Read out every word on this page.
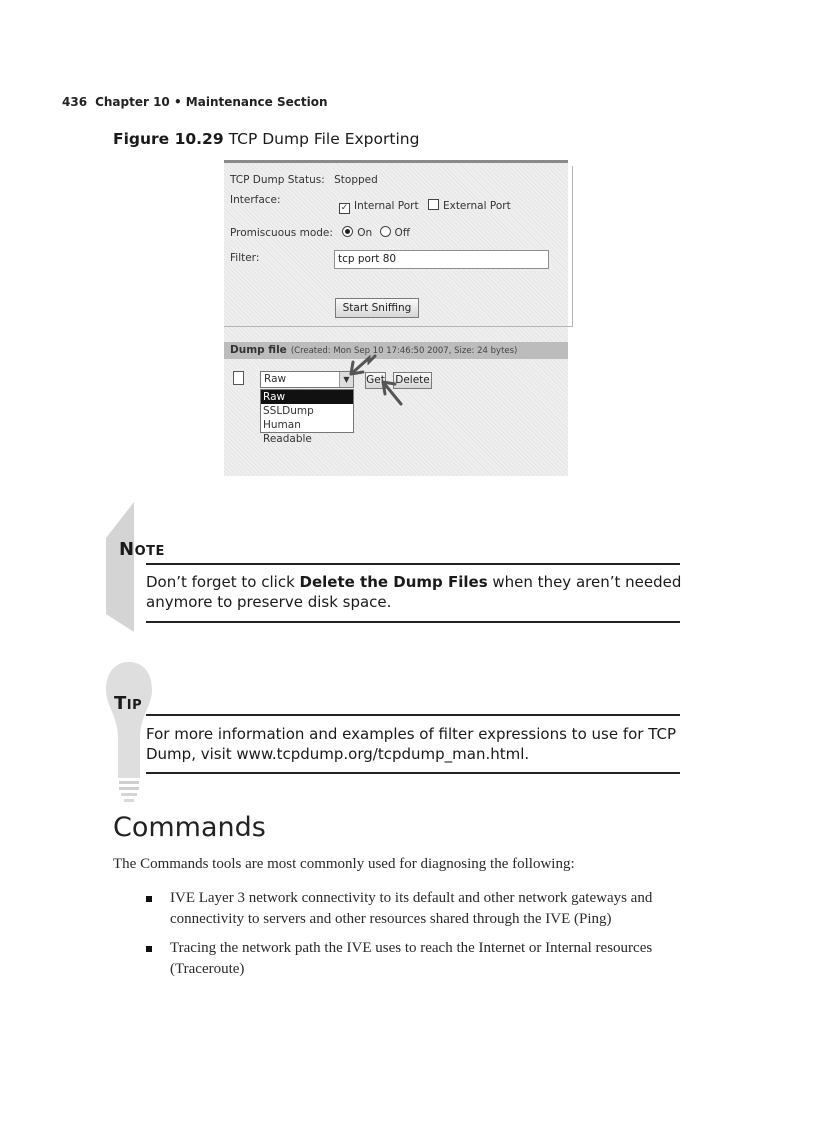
436 Chapter 10 • Maintenance Section
Figure 10.29 TCP Dump File Exporting
TCP Dump Status: Stopped
Interface:
✓ Internal Port External Port
Promiscuous mode: On Off
Filter:	tcp port 80
Start Sniffing
Dump file (Created: Mon Sep 10 17:46:50 2007, Size: 24 bytes)
Raw	▼
Raw
SSLDump
Human Readable
Get Delete
NOTE
Don’t forget to click Delete the Dump Files when they aren’t needed anymore to preserve disk space.
TIP
For more information and examples of filter expressions to use for TCP Dump, visit www.tcpdump.org/tcpdump_man.html.
Commands
The Commands tools are most commonly used for diagnosing the following:
IVE Layer 3 network connectivity to its default and other network gateways and connectivity to servers and other resources shared through the IVE (Ping)
Tracing the network path the IVE uses to reach the Internet or Internal resources (Traceroute)
